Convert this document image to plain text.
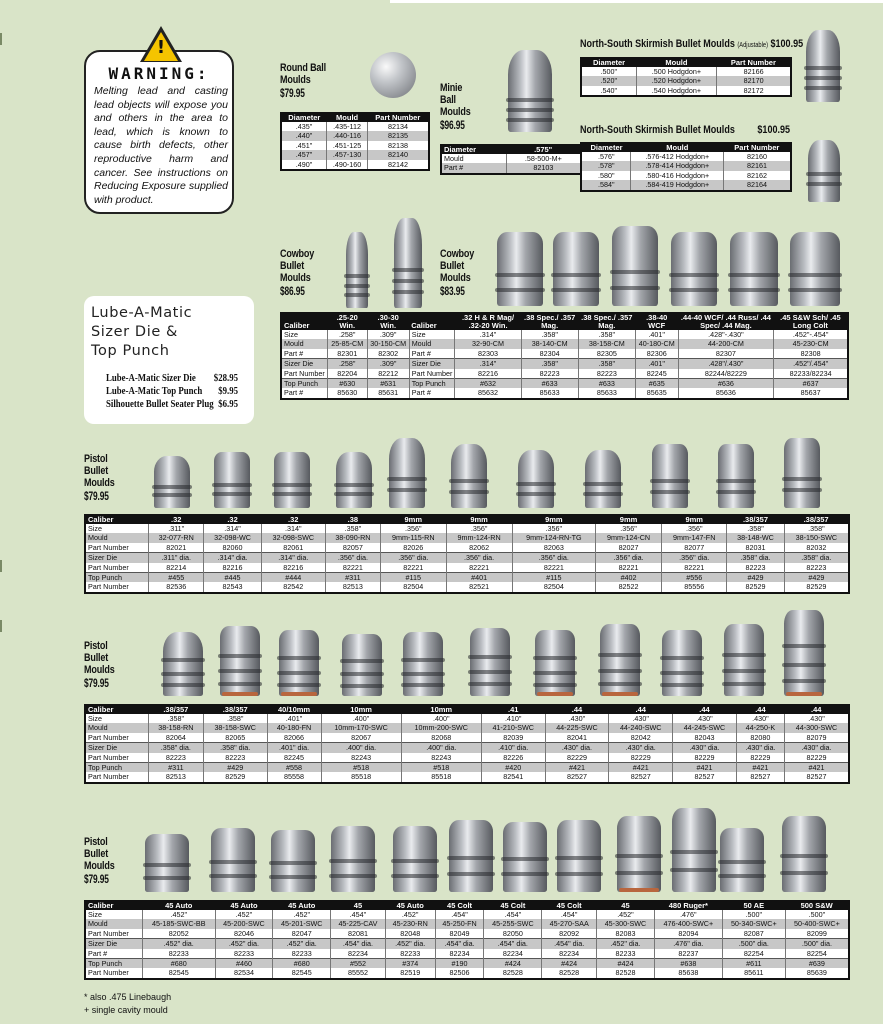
!
WARNING:
Melting lead and casting lead objects will expose you and others in the area to lead, which is known to cause birth defects, other reproductive harm and cancer. See instructions on Reducing Exposure supplied with product.
Round Ball
Moulds
$79.95
Diameter	Mould	Part Number
.435"	.435-112	82134
.440"	.440-116	82135
.451"	.451-125	82138
.457"	.457-130	82140
.490"	.490-160	82142
Minie
Ball
Moulds
$96.95
Diameter	.575"
Mould	.58-500-M+
Part #	82103
North-South Skirmish Bullet Moulds (Adjustable) $100.95
Diameter	Mould	Part Number
.500"	.500 Hodgdon+	82166
.520"	.520 Hodgdon+	82170
.540"	.540 Hodgdon+	82172
North-South Skirmish Bullet Moulds $100.95
Diameter	Mould	Part Number
.576"	.576-412 Hodgdon+	82160
.578"	.578-414 Hodgdon+	82161
.580"	.580-416 Hodgdon+	82162
.584"	.584-419 Hodgdon+	82164
Cowboy
Bullet
Moulds
$86.95
Cowboy
Bullet
Moulds
$83.95
Caliber	.25-20 Win.	.30-30 Win.	Caliber	.32 H & R Mag/ .32-20 Win.	.38 Spec./ .357 Mag.	.38 Spec./ .357 Mag.	.38-40 WCF	.44-40 WCF/ .44 Russ/ .44 Spec/ .44 Mag.	.45 S&W Sch/ .45 Long Colt
Size	.258"	.309"	Size	.314"	.358"	.358"	.401"	.428"-.430"	.452"-.454"
Mould	25-85-CM	30-150-CM	Mould	32-90-CM	38-140-CM	38-158-CM	40-180-CM	44-200-CM	45-230-CM
Part #	82301	82302	Part #	82303	82304	82305	82306	82307	82308
Sizer Die	.258"	.309"	Sizer Die	.314"	.358"	.358"	.401"	.428"/.430"	.452"/.454"
Part Number	82204	82212	Part Number	82216	82223	82223	82245	82244/82229	82233/82234
Top Punch	#630	#631	Top Punch	#632	#633	#633	#635	#636	#637
Part #	85630	85631	Part #	85632	85633	85633	85635	85636	85637
Lube-A-Matic
Sizer Die &
Top Punch
Lube-A-Matic Sizer Die $28.95
Lube-A-Matic Top Punch $9.95
Silhouette Bullet Seater Plug $6.95
Pistol
Bullet
Moulds
$79.95
Caliber	.32	.32	.32	.38	9mm	9mm	9mm	9mm	9mm	.38/357	.38/357
Size	.311"	.314"	.314"	.358"	.356"	.356"	.356"	.356"	.356"	.358"	.358"
Mould	32-077-RN	32-098-WC	32-098-SWC	38-090-RN	9mm-115-RN	9mm-124-RN	9mm-124-RN-TG	9mm-124-CN	9mm-147-FN	38-148-WC	38-150-SWC
Part Number	82021	82060	82061	82057	82026	82062	82063	82027	82077	82031	82032
Sizer Die	.311" dia.	.314" dia.	.314" dia.	.356" dia.	.356" dia.	.356" dia.	.356" dia.	.356" dia.	.356" dia.	.358" dia.	.358" dia.
Part Number	82214	82216	82216	82221	82221	82221	82221	82221	82221	82223	82223
Top Punch	#455	#445	#444	#311	#115	#401	#115	#402	#556	#429	#429
Part Number	82536	82543	82542	82513	82504	82521	82504	82522	85556	82529	82529
Pistol
Bullet
Moulds
$79.95
Caliber	.38/357	.38/357	40/10mm	10mm	10mm	.41	.44	.44	.44	.44	.44
Size	.358"	.358"	.401"	.400"	.400"	.410"	.430"	.430"	.430"	.430"	.430"
Mould	38-158-RN	38-158-SWC	40-180-FN	10mm-170-SWC	10mm-200-SWC	41-210-SWC	44-225-SWC	44-240-SWC	44-245-SWC	44-250-K	44-300-SWC
Part Number	82064	82065	82066	82067	82068	82039	82041	82042	82043	82080	82079
Sizer Die	.358" dia.	.358" dia.	.401" dia.	.400" dia.	.400" dia.	.410" dia.	.430" dia.	.430" dia.	.430" dia.	.430" dia.	.430" dia.
Part Number	82223	82223	82245	82243	82243	82226	82229	82229	82229	82229	82229
Top Punch	#311	#429	#558	#518	#518	#420	#421	#421	#421	#421	#421
Part Number	82513	82529	85558	85518	85518	82541	82527	82527	82527	82527	82527
Pistol
Bullet
Moulds
$79.95
Caliber	45 Auto	45 Auto	45 Auto	45	45 Auto	45 Colt	45 Colt	45 Colt	45	480 Ruger*	50 AE	500 S&W
Size	.452"	.452"	.452"	.454"	.452"	.454"	.454"	.454"	.452"	.476"	.500"	.500"
Mould	45-185-SWC-BB	45-200-SWC	45-201-SWC	45-225-CAV	45-230-RN	45-250-FN	45-255-SWC	45-270-SAA	45-300-SWC	476-400-SWC+	50-340-SWC+	50-400-SWC+
Part Number	82052	82046	82047	82081	82048	82049	82050	82092	82083	82094	82087	82099
Sizer Die	.452" dia.	.452" dia.	.452" dia.	.454" dia.	.452" dia.	.454" dia.	.454" dia.	.454" dia.	.452" dia.	.476" dia.	.500" dia.	.500" dia.
Part #	82233	82233	82233	82234	82233	82234	82234	82234	82233	82237	82254	82254
Top Punch	#680	#460	#680	#552	#374	#190	#424	#424	#424	#638	#611	#639
Part Number	82545	82534	82545	85552	82519	82506	82528	82528	82528	85638	85611	85639
* also .475 Linebaugh
+ single cavity mould
